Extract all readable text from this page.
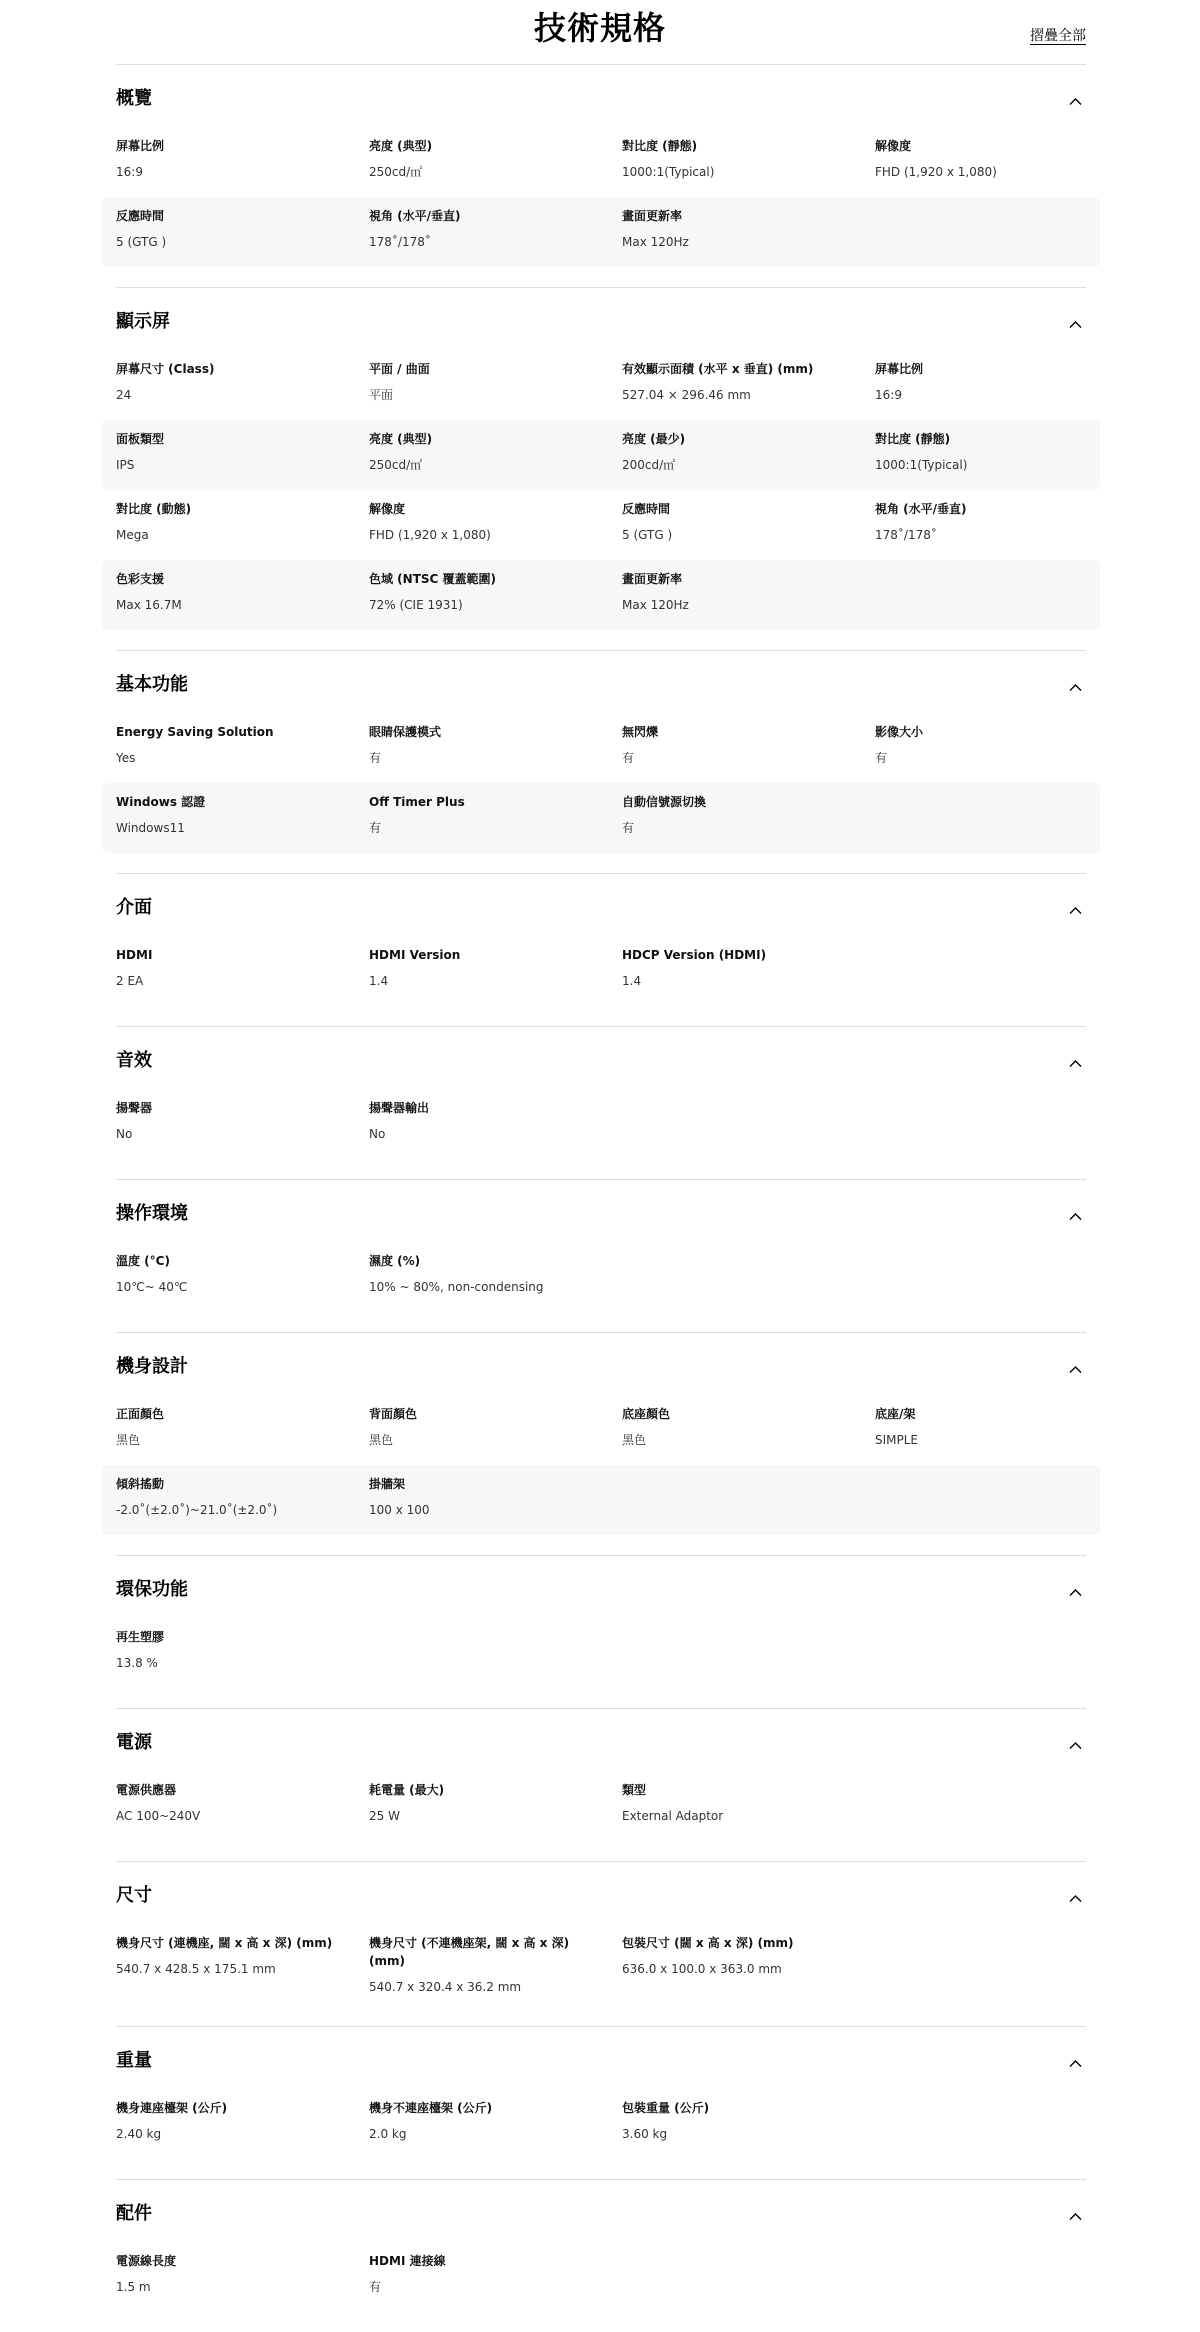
技術規格	摺疊全部
概覽
屏幕比例
16:9
亮度 (典型)
250cd/㎡
對比度 (靜態)
1000:1(Typical)
解像度
FHD (1,920 x 1,080)
反應時間
5 (GTG )
視角 (水平/垂直)
178˚/178˚
畫面更新率
Max 120Hz
顯示屏
屏幕尺寸 (Class)
24
平面 / 曲面
平面
有效顯示面積 (水平 x 垂直) (mm)
527.04 × 296.46 mm
屏幕比例
16:9
面板類型
IPS
亮度 (典型)
250cd/㎡
亮度 (最少)
200cd/㎡
對比度 (靜態)
1000:1(Typical)
對比度 (動態)
Mega
解像度
FHD (1,920 x 1,080)
反應時間
5 (GTG )
視角 (水平/垂直)
178˚/178˚
色彩支援
Max 16.7M
色域 (NTSC 覆蓋範圍)
72% (CIE 1931)
畫面更新率
Max 120Hz
基本功能
Energy Saving Solution
Yes
眼睛保護模式
有
無閃爍
有
影像大小
有
Windows 認證
Windows11
Off Timer Plus
有
自動信號源切換
有
介面
HDMI
2 EA
HDMI Version
1.4
HDCP Version (HDMI)
1.4
音效
揚聲器
No
揚聲器輸出
No
操作環境
溫度 (°C)
10℃~ 40℃
濕度 (%)
10% ~ 80%, non-condensing
機身設計
正面顏色
黑色
背面顏色
黑色
底座顏色
黑色
底座/架
SIMPLE
傾斜搖動
-2.0˚(±2.0˚)~21.0˚(±2.0˚)
掛牆架
100 x 100
環保功能
再生塑膠
13.8 %
電源
電源供應器
AC 100~240V
耗電量 (最大)
25 W
類型
External Adaptor
尺寸
機身尺寸 (連機座, 闊 x 高 x 深) (mm)
540.7 x 428.5 x 175.1 mm
機身尺寸 (不連機座架, 闊 x 高 x 深) (mm)
540.7 x 320.4 x 36.2 mm
包裝尺寸 (闊 x 高 x 深) (mm)
636.0 x 100.0 x 363.0 mm
重量
機身連座檯架 (公斤)
2.40 kg
機身不連座檯架 (公斤)
2.0 kg
包裝重量 (公斤)
3.60 kg
配件
電源線長度
1.5 m
HDMI 連接線
有
